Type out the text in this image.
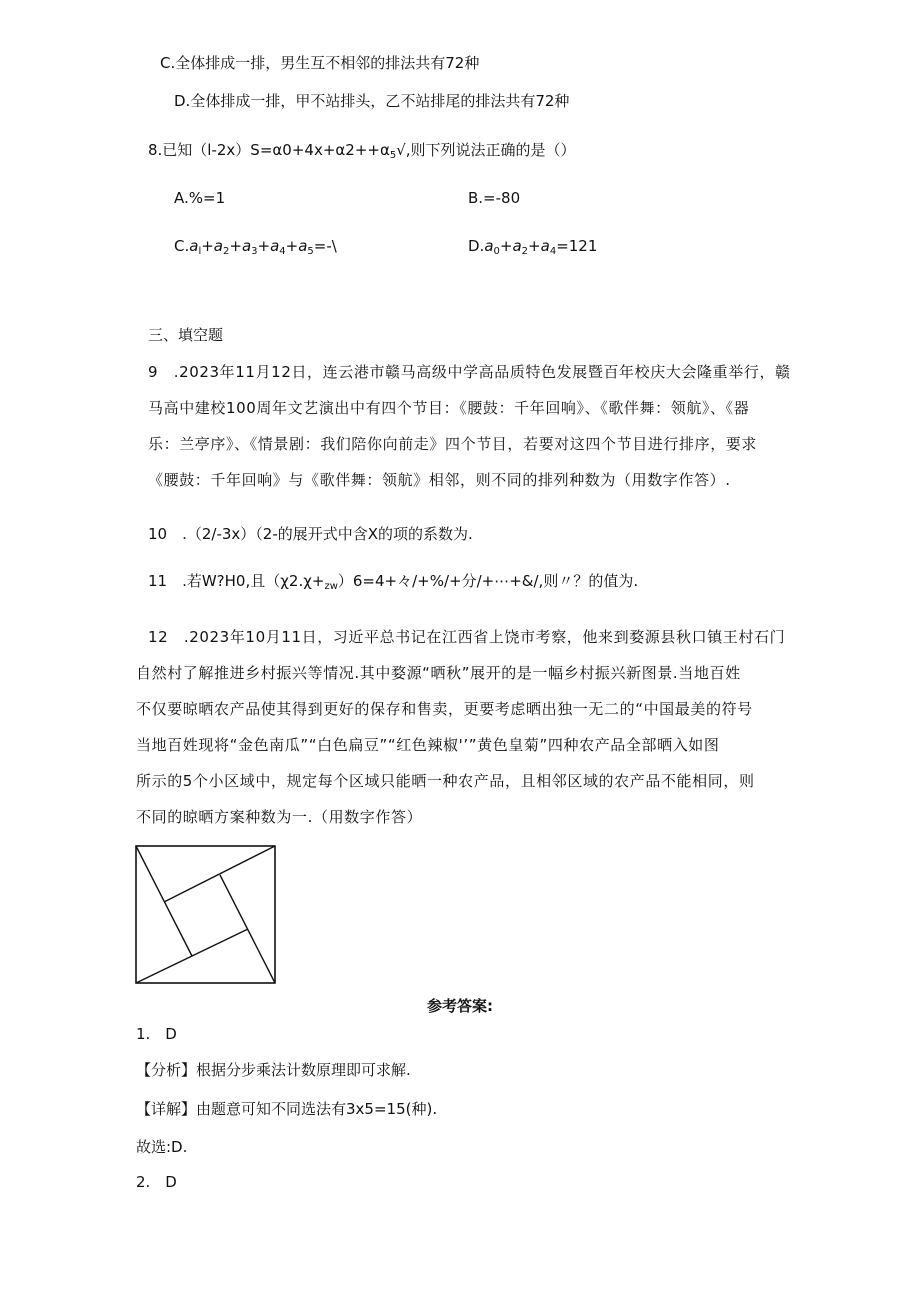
C.全体排成一排，男生互不相邻的排法共有72种

D.全体排成一排，甲不站排头，乙不站排尾的排法共有72种

8.已知$(l-2x)S=\alpha 0+4x+\alpha 2++\alpha_5√$,则下列说法正确的是（）

A.%=1	B.=-80

$C.a_l+a_2+a_3+a_4+a_5=-\backslash$	$D.a_0+a_2+a_4=121$

三、填空题

9　.2023年11月12日，连云港市赣马高级中学高品质特色发展暨百年校庆大会隆重举行，赣

马高中建校100周年文艺演出中有四个节目：《腰鼓：千年回响》、《歌伴舞：领航》、《器

乐：兰亭序》、《情景剧：我们陪你向前走》四个节目，若要对这四个节目进行排序，要求

《腰鼓：千年回响》与《歌伴舞：领航》相邻，则不同的排列种数为（用数字作答）.

10　.（2/-3x）（2-的展开式中含X的项的系数为.

11　.若W?H0,且$(\chi 2.\chi+_{zw})6=4+$々/+%/+分/+⋯+&/,则〃？的值为.

12　.2023年10月11日，习近平总书记在江西省上饶市考察，他来到婺源县秋口镇王村石门

自然村了解推进乡村振兴等情况.其中婺源“晒秋”展开的是一幅乡村振兴新图景.当地百姓

不仅要晾晒农产品使其得到更好的保存和售卖，更要考虑晒出独一无二的“中国最美的符号

当地百姓现将“金色南瓜”“白色扁豆”“红色辣椒'’”黄色皇菊”四种农产品全部晒入如图

所示的5个小区域中，规定每个区域只能晒一种农产品，且相邻区域的农产品不能相同，则

不同的晾晒方案种数为一.（用数字作答）

参考答案:

1.　D

【分析】根据分步乘法计数原理即可求解.

【详解】由题意可知不同选法有3x5=15(种).

故选:D.

2.　D
